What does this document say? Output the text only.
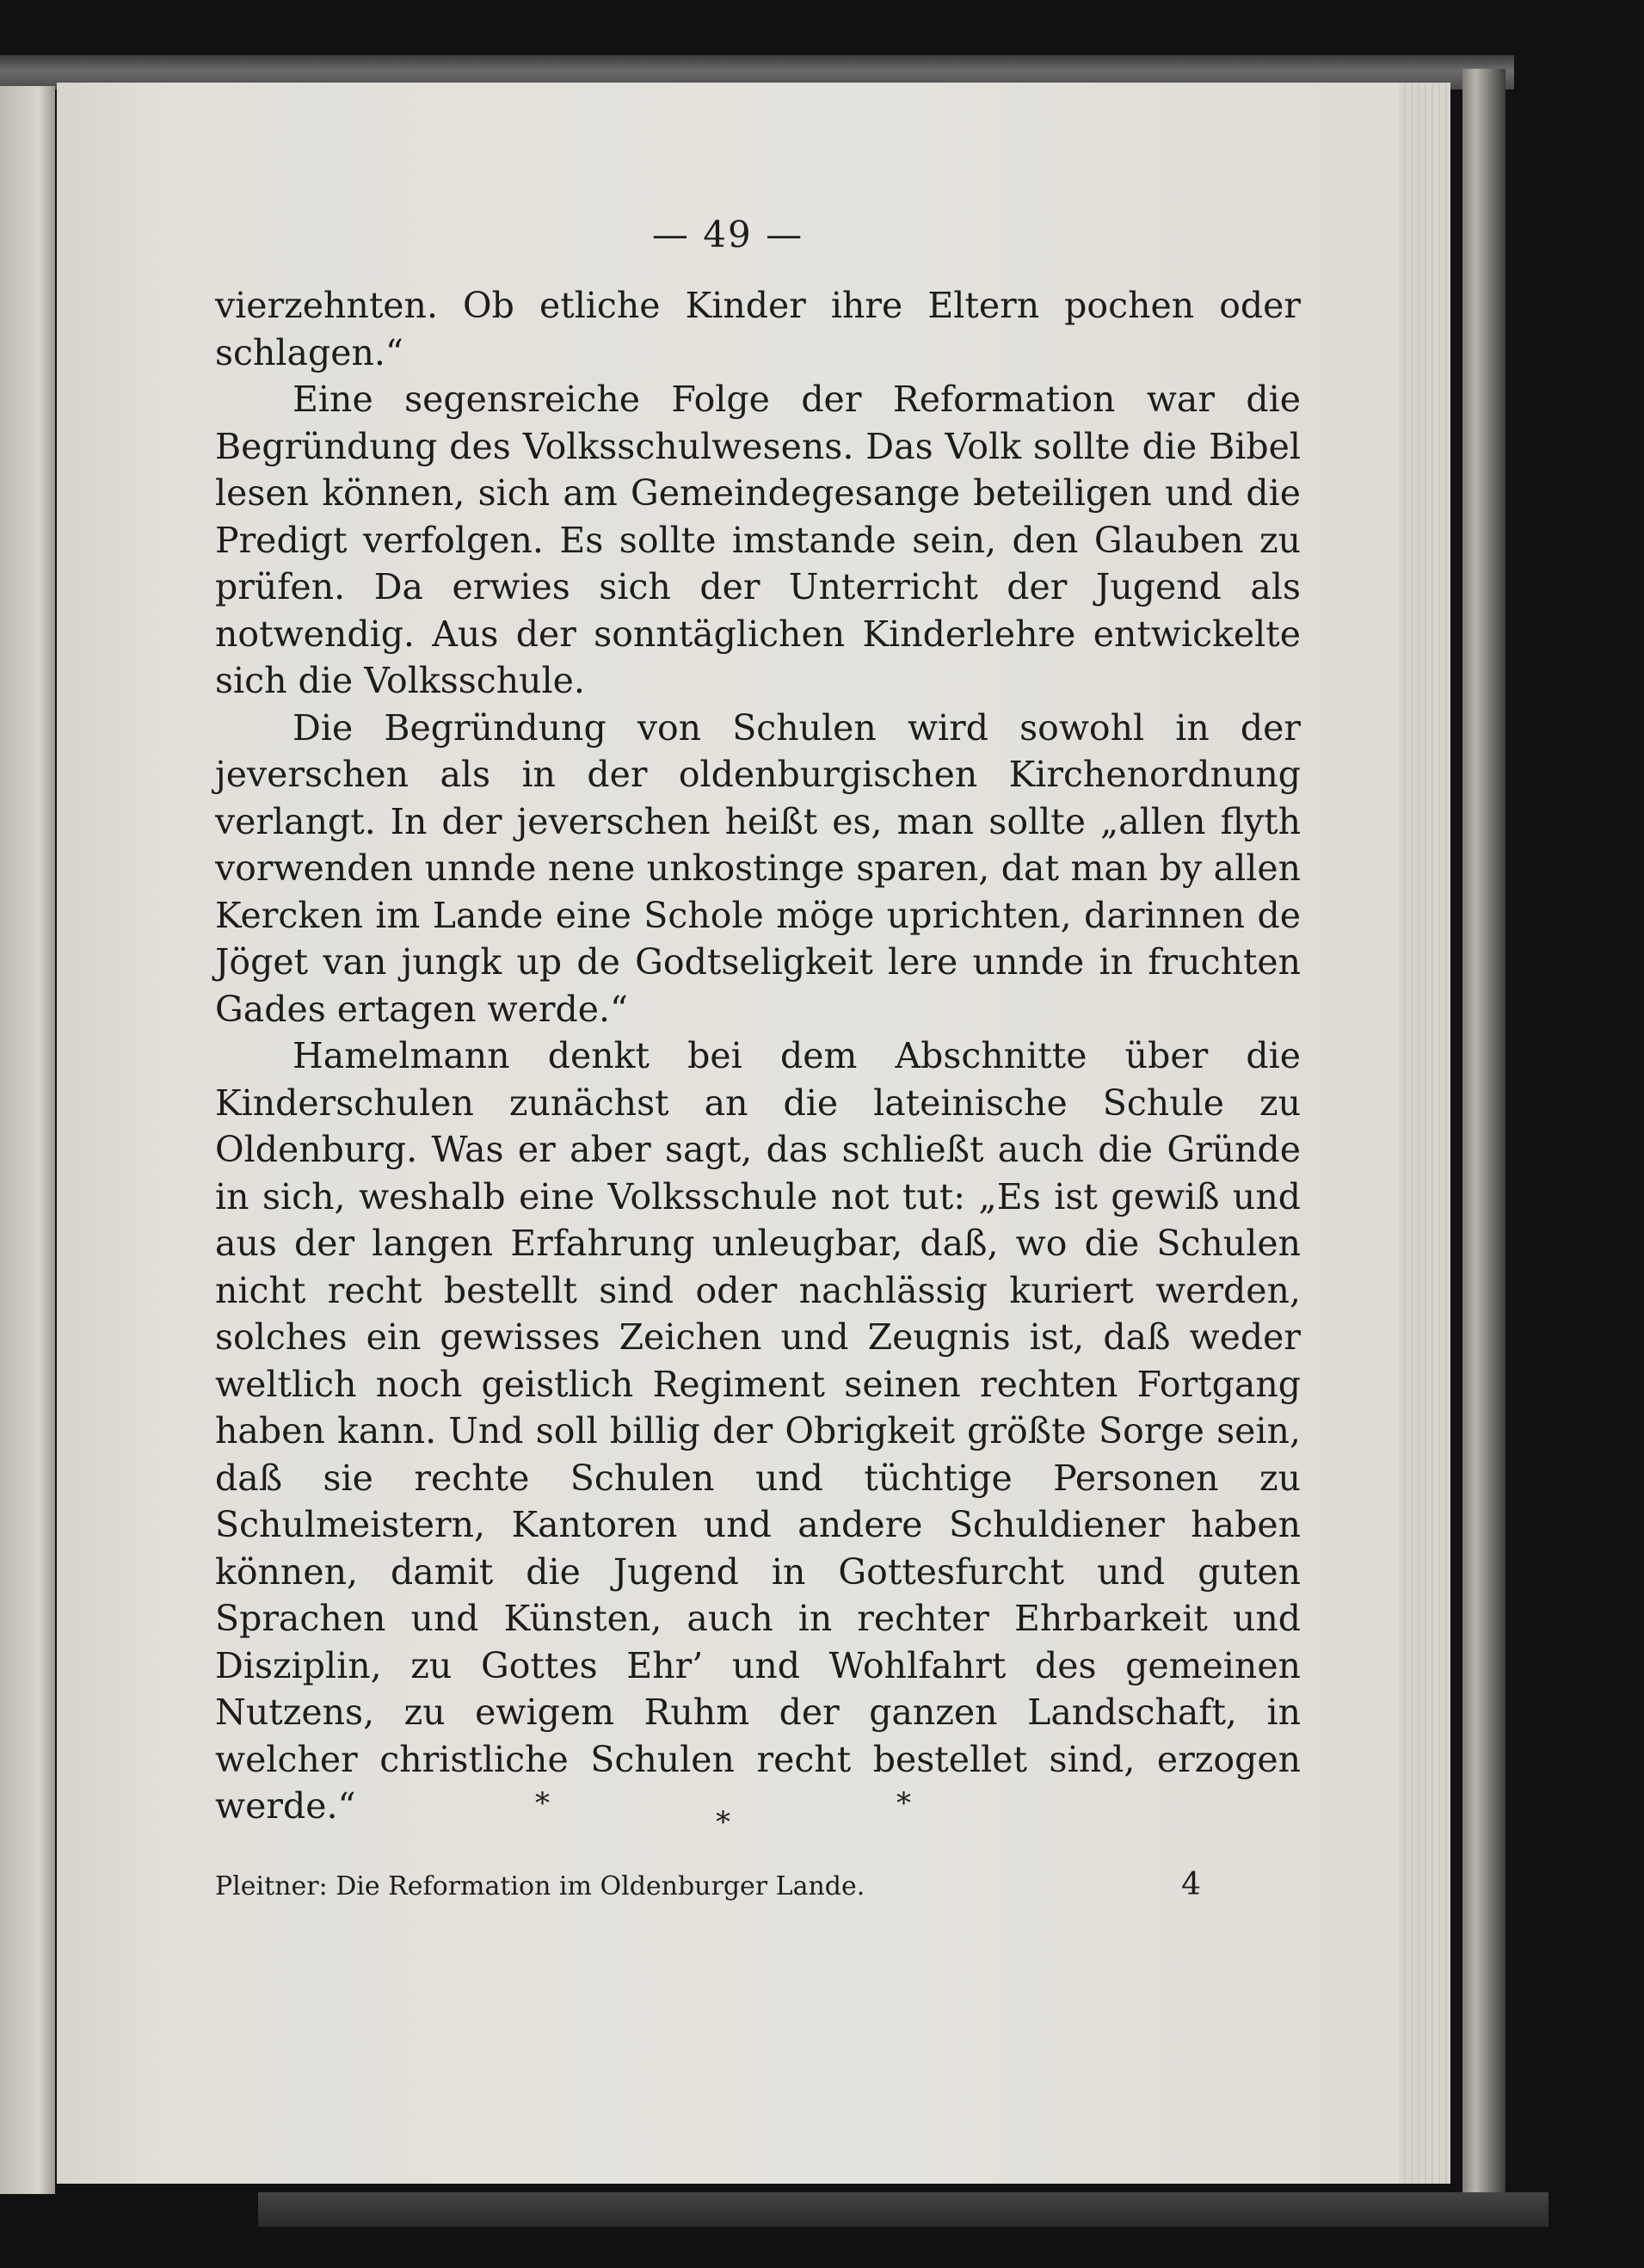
— 49 —

vierzehnten. Ob etliche Kinder ihre Eltern pochen oder schlagen.“

Eine segensreiche Folge der Reformation war die Begründung des Volksschulwesens. Das Volk sollte die Bibel lesen können, sich am Gemeindegesange beteiligen und die Predigt verfolgen. Es sollte imstande sein, den Glauben zu prüfen. Da erwies sich der Unterricht der Jugend als notwendig. Aus der sonntäglichen Kinderlehre entwickelte sich die Volksschule.

Die Begründung von Schulen wird sowohl in der jeverschen als in der oldenburgischen Kirchenordnung verlangt. In der jeverschen heißt es, man sollte „allen flyth vorwenden unnde nene unkostinge sparen, dat man by allen Kercken im Lande eine Schole möge uprichten, darinnen de Jöget van jungk up de Godtseligkeit lere unnde in fruchten Gades ertagen werde.“

Hamelmann denkt bei dem Abschnitte über die Kinderschulen zunächst an die lateinische Schule zu Oldenburg. Was er aber sagt, das schließt auch die Gründe in sich, weshalb eine Volksschule not tut: „Es ist gewiß und aus der langen Erfahrung unleugbar, daß, wo die Schulen nicht recht bestellt sind oder nachlässig kuriert werden, solches ein gewisses Zeichen und Zeugnis ist, daß weder weltlich noch geistlich Regiment seinen rechten Fortgang haben kann. Und soll billig der Obrigkeit größte Sorge sein, daß sie rechte Schulen und tüchtige Personen zu Schulmeistern, Kantoren und andere Schuldiener haben können, damit die Jugend in Gottesfurcht und guten Sprachen und Künsten, auch in rechter Ehrbarkeit und Disziplin, zu Gottes Ehr’ und Wohlfahrt des gemeinen Nutzens, zu ewigem Ruhm der ganzen Landschaft, in welcher christliche Schulen recht bestellet sind, erzogen werde.“	*
*
*
Pleitner: Die Reformation im Oldenburger Lande.	4
